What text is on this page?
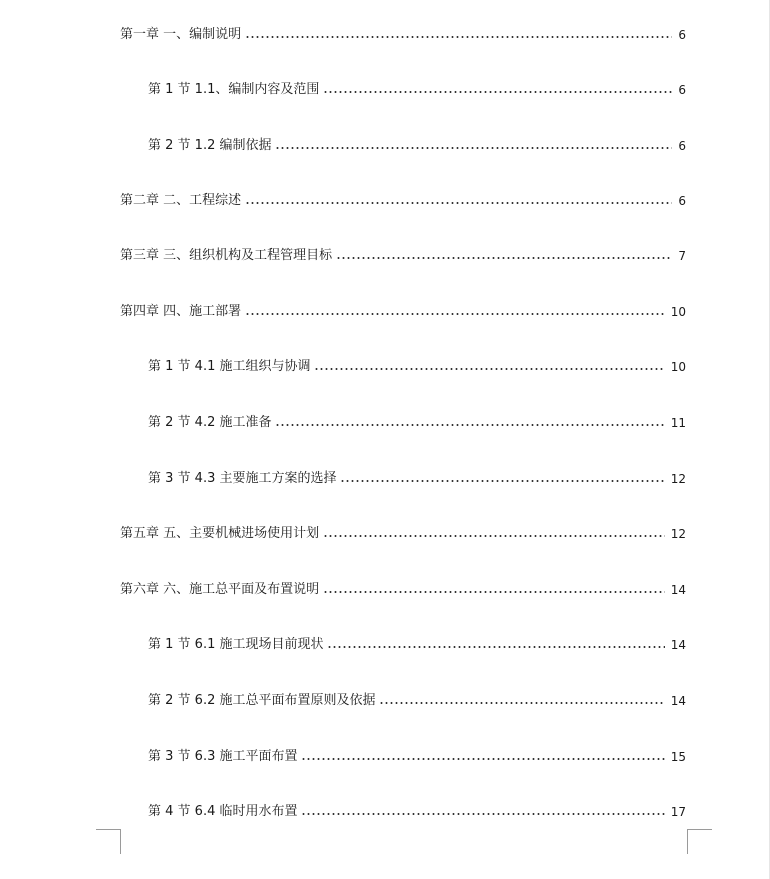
第一章 一、编制说明	6
第 1 节 1.1、编制内容及范围	6
第 2 节 1.2 编制依据	6
第二章 二、工程综述	6
第三章 三、组织机构及工程管理目标	7
第四章 四、施工部署	10
第 1 节 4.1 施工组织与协调	10
第 2 节 4.2 施工准备	11
第 3 节 4.3 主要施工方案的选择	12
第五章 五、主要机械进场使用计划	12
第六章 六、施工总平面及布置说明	14
第 1 节 6.1 施工现场目前现状	14
第 2 节 6.2 施工总平面布置原则及依据	14
第 3 节 6.3 施工平面布置	15
第 4 节 6.4 临时用水布置	17
